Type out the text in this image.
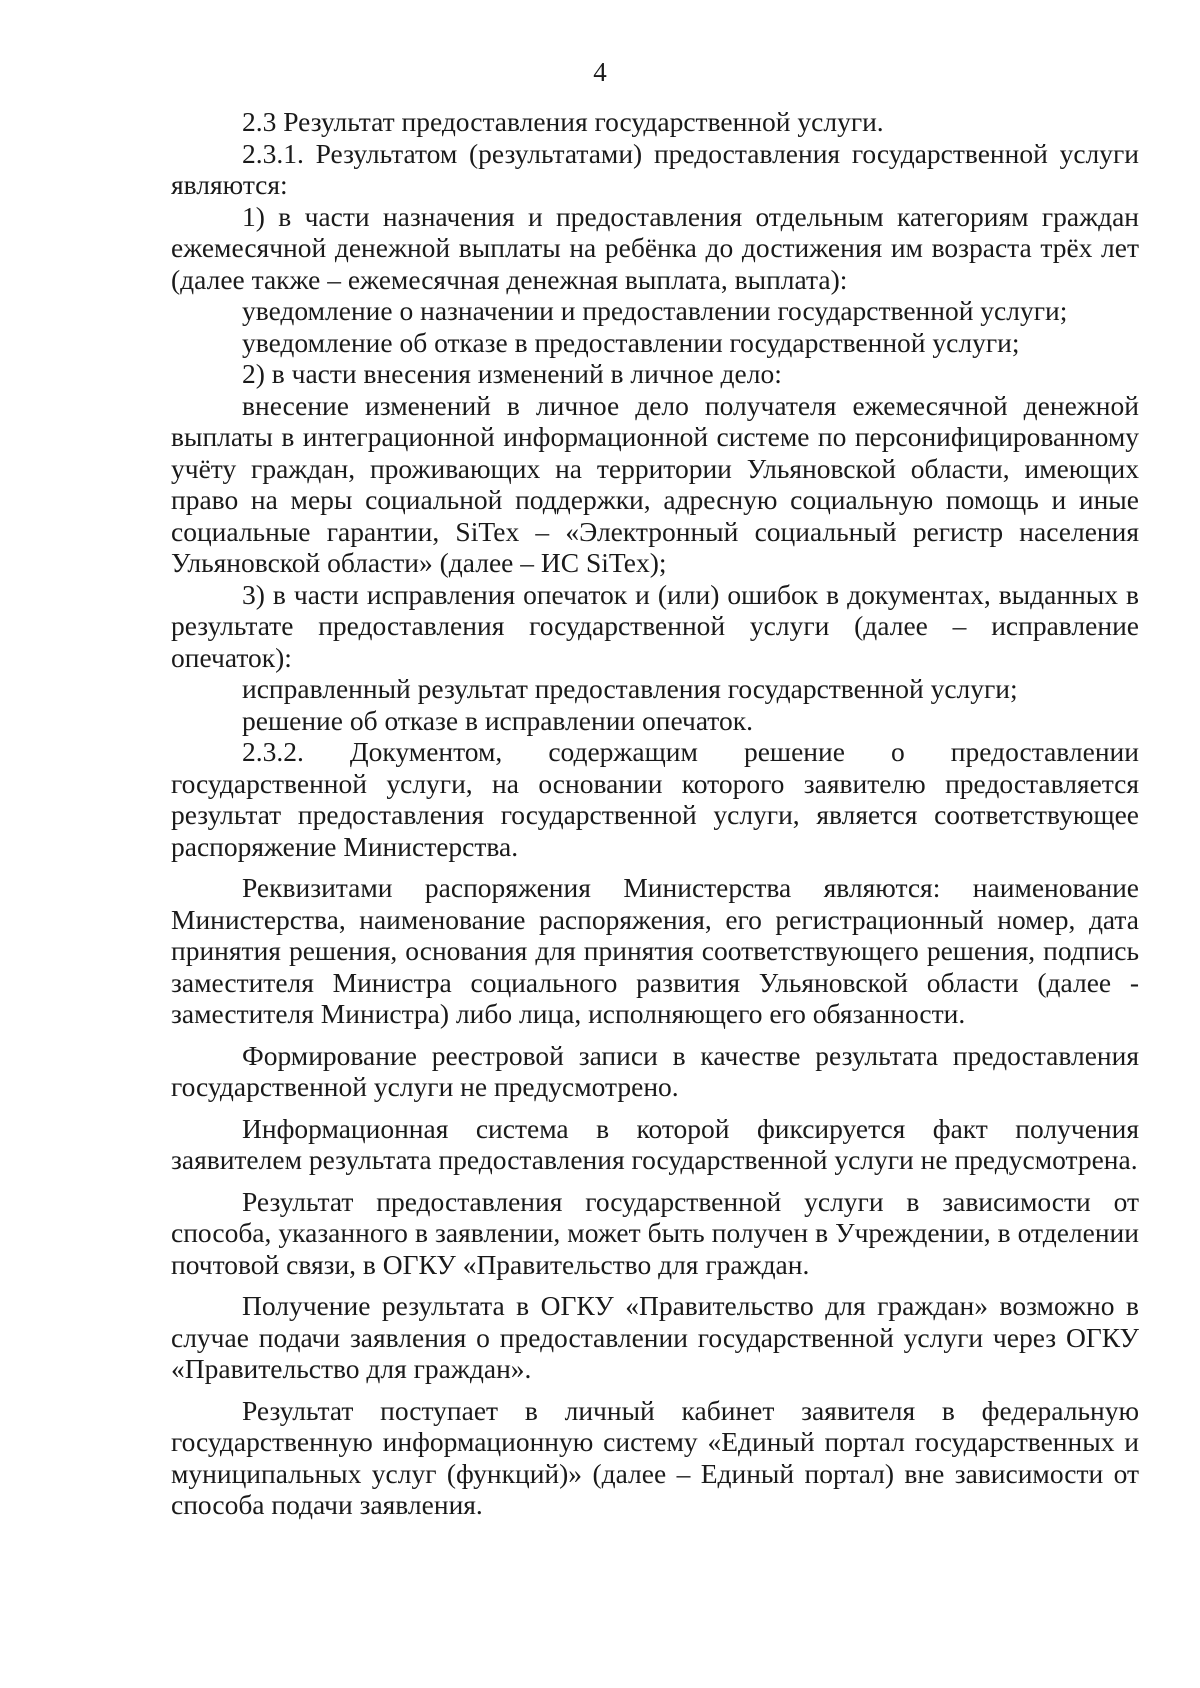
4

2.3 Результат предоставления государственной услуги.

2.3.1. Результатом (результатами) предоставления государственной услуги являются:

1) в части назначения и предоставления отдельным категориям граждан ежемесячной денежной выплаты на ребёнка до достижения им возраста трёх лет (далее также – ежемесячная денежная выплата, выплата):

уведомление о назначении и предоставлении государственной услуги;

уведомление об отказе в предоставлении государственной услуги;

2) в части внесения изменений в личное дело:

внесение изменений в личное дело получателя ежемесячной денежной выплаты в интеграционной информационной системе по персонифицированному учёту граждан, проживающих на территории Ульяновской области, имеющих право на меры социальной поддержки, адресную социальную помощь и иные социальные гарантии, SiTex – «Электронный социальный регистр населения Ульяновской области» (далее – ИС SiTex);

3) в части исправления опечаток и (или) ошибок в документах, выданных в результате предоставления государственной услуги (далее – исправление опечаток):

исправленный результат предоставления государственной услуги;

решение об отказе в исправлении опечаток.

2.3.2. Документом, содержащим решение о предоставлении государственной услуги, на основании которого заявителю предоставляется результат предоставления государственной услуги, является соответствующее распоряжение Министерства.

Реквизитами распоряжения Министерства являются: наименование Министерства, наименование распоряжения, его регистрационный номер, дата принятия решения, основания для принятия соответствующего решения, подпись заместителя Министра социального развития Ульяновской области (далее - заместителя Министра) либо лица, исполняющего его обязанности.

Формирование реестровой записи в качестве результата предоставления государственной услуги не предусмотрено.

Информационная система в которой фиксируется факт получения заявителем результата предоставления государственной услуги не предусмотрена.

Результат предоставления государственной услуги в зависимости от способа, указанного в заявлении, может быть получен в Учреждении, в отделении почтовой связи, в ОГКУ «Правительство для граждан.

Получение результата в ОГКУ «Правительство для граждан» возможно в случае подачи заявления о предоставлении государственной услуги через ОГКУ «Правительство для граждан».

Результат поступает в личный кабинет заявителя в федеральную государственную информационную систему «Единый портал государственных и муниципальных услуг (функций)» (далее – Единый портал) вне зависимости от способа подачи заявления.
